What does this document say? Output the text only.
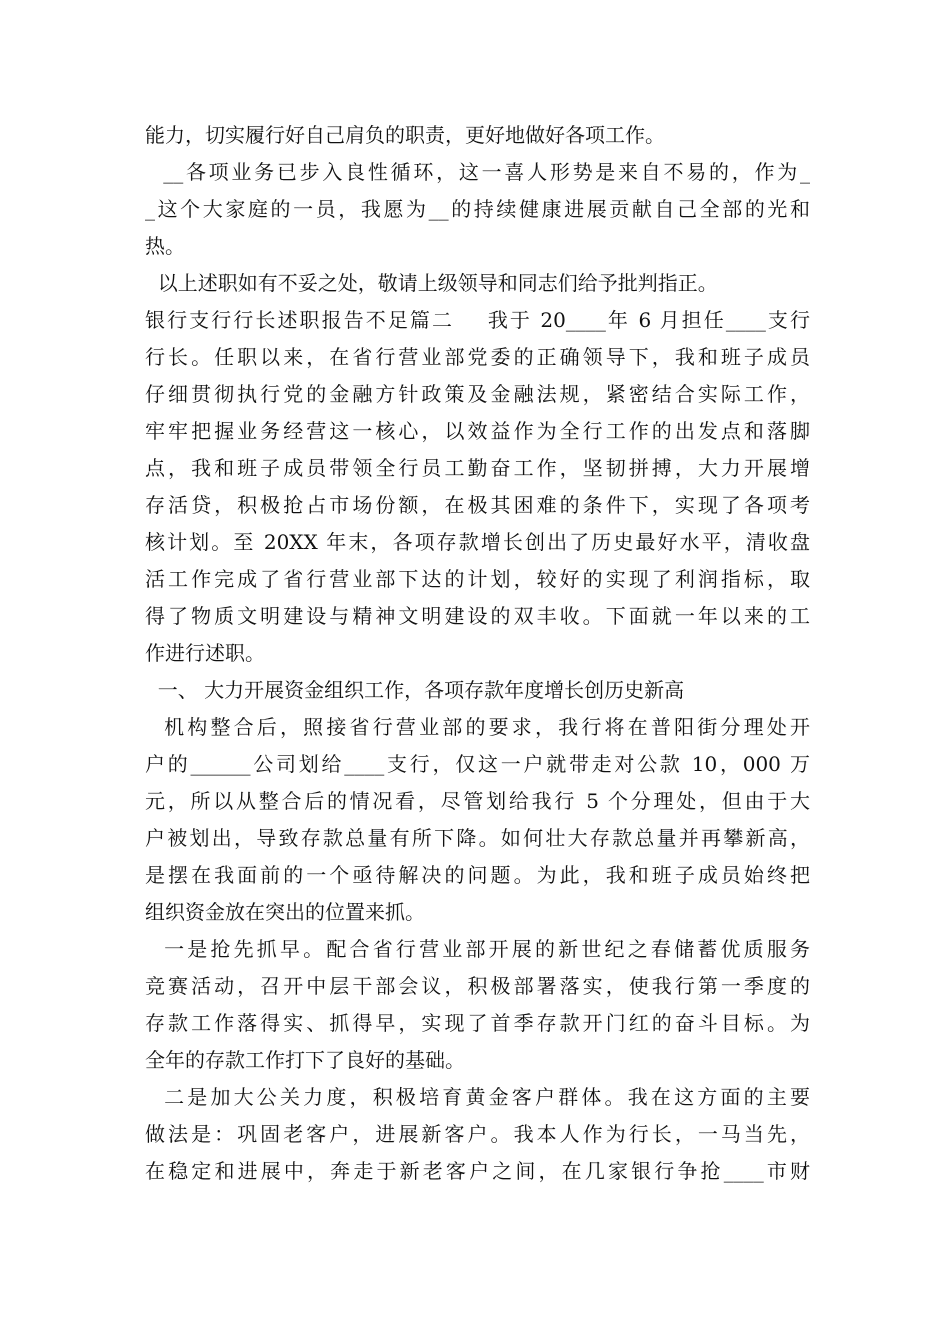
能力，切实履行好自己肩负的职责，更好地做好各项工作。
__各项业务已步入良性循环，这一喜人形势是来自不易的，作为_
_这个大家庭的一员，我愿为__的持续健康进展贡献自己全部的光和
热。
以上述职如有不妥之处，敬请上级领导和同志们给予批判指正。
银行支行行长述职报告不足篇二    我于 20____年 6 月担任____支行
行长。任职以来，在省行营业部党委的正确领导下，我和班子成员
仔细贯彻执行党的金融方针政策及金融法规，紧密结合实际工作，
牢牢把握业务经营这一核心，以效益作为全行工作的出发点和落脚
点，我和班子成员带领全行员工勤奋工作，坚韧拼搏，大力开展增
存活贷，积极抢占市场份额，在极其困难的条件下，实现了各项考
核计划。至 20XX 年末，各项存款增长创出了历史最好水平，清收盘
活工作完成了省行营业部下达的计划，较好的实现了利润指标，取
得了物质文明建设与精神文明建设的双丰收。下面就一年以来的工
作进行述职。
一、 大力开展资金组织工作，各项存款年度增长创历史新高
机构整合后，照接省行营业部的要求，我行将在普阳街分理处开
户的______公司划给____支行，仅这一户就带走对公款 10，000 万
元，所以从整合后的情况看，尽管划给我行 5 个分理处，但由于大
户被划出，导致存款总量有所下降。如何壮大存款总量并再攀新高，
是摆在我面前的一个亟待解决的问题。为此，我和班子成员始终把
组织资金放在突出的位置来抓。
一是抢先抓早。配合省行营业部开展的新世纪之春储蓄优质服务
竞赛活动，召开中层干部会议，积极部署落实，使我行第一季度的
存款工作落得实、抓得早，实现了首季存款开门红的奋斗目标。为
全年的存款工作打下了良好的基础。
二是加大公关力度，积极培育黄金客户群体。我在这方面的主要
做法是：巩固老客户，进展新客户。我本人作为行长，一马当先，
在稳定和进展中，奔走于新老客户之间，在几家银行争抢____市财
